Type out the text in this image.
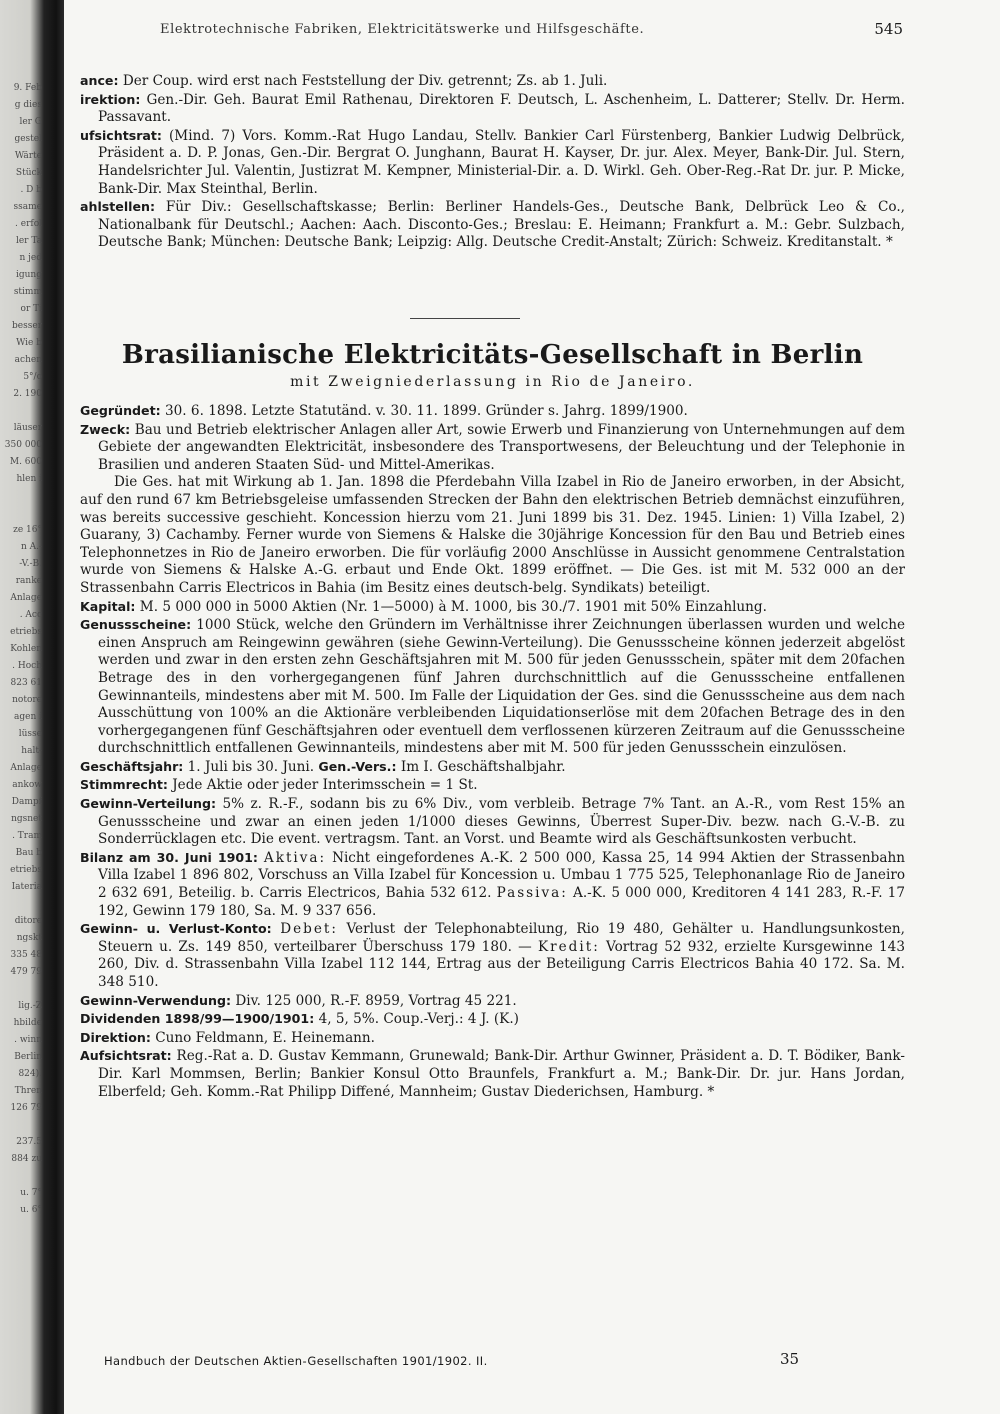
9. Feb
g dies
ler G
gestel
Wärte
Stück
. D b
ssame
. erfol
ler Ta
n jed
igung
stimm
or Ti
besser
Wie b
achen
5°/o
2. 190
läuser
350 000
M. 600
hlen i
ze 16°
n A.-
-V.-B.
ranke
Anlage
. Acc
etriebs
Kohlen
. Hoch
823 61
notore
agen i
lüsse
halt-
Anlage
ankow
Dampf
ngsnet
. Tram
Bau b
etriebs
Iateria
ditore
ngskt
335 48
479 79
lig.-Z
hbilde
. winn
Berlin
824).
Thren
126 79
237.5
884 zu
u. 7°
u. 6°
Elektrotechnische Fabriken, Elektricitätswerke und Hilfsgeschäfte.	545

ance: Der Coup. wird erst nach Feststellung der Div. getrennt; Zs. ab 1. Juli.

irektion: Gen.-Dir. Geh. Baurat Emil Rathenau, Direktoren F. Deutsch, L. Aschenheim, L. Datterer; Stellv. Dr. Herm. Passavant.

ufsichtsrat: (Mind. 7) Vors. Komm.-Rat Hugo Landau, Stellv. Bankier Carl Fürstenberg, Bankier Ludwig Delbrück, Präsident a. D. P. Jonas, Gen.-Dir. Bergrat O. Junghann, Baurat H. Kayser, Dr. jur. Alex. Meyer, Bank-Dir. Jul. Stern, Handelsrichter Jul. Valentin, Justizrat M. Kempner, Ministerial-Dir. a. D. Wirkl. Geh. Ober-Reg.-Rat Dr. jur. P. Micke, Bank-Dir. Max Steinthal, Berlin.

ahlstellen: Für Div.: Gesellschaftskasse; Berlin: Berliner Handels-Ges., Deutsche Bank, Delbrück Leo & Co., Nationalbank für Deutschl.; Aachen: Aach. Disconto-Ges.; Breslau: E. Heimann; Frankfurt a. M.: Gebr. Sulzbach, Deutsche Bank; München: Deutsche Bank; Leipzig: Allg. Deutsche Credit-Anstalt; Zürich: Schweiz. Kreditanstalt. *

Brasilianische Elektricitäts-Gesellschaft in Berlin
mit Zweigniederlassung in Rio de Janeiro.

Gegründet: 30. 6. 1898. Letzte Statutänd. v. 30. 11. 1899. Gründer s. Jahrg. 1899/1900.

Zweck: Bau und Betrieb elektrischer Anlagen aller Art, sowie Erwerb und Finanzierung von Unternehmungen auf dem Gebiete der angewandten Elektricität, insbesondere des Transportwesens, der Beleuchtung und der Telephonie in Brasilien und anderen Staaten Süd- und Mittel-Amerikas.

Die Ges. hat mit Wirkung ab 1. Jan. 1898 die Pferdebahn Villa Izabel in Rio de Janeiro erworben, in der Absicht, auf den rund 67 km Betriebsgeleise umfassenden Strecken der Bahn den elektrischen Betrieb demnächst einzuführen, was bereits successive geschieht. Koncession hierzu vom 21. Juni 1899 bis 31. Dez. 1945. Linien: 1) Villa Izabel, 2) Guarany, 3) Cachamby. Ferner wurde von Siemens & Halske die 30jährige Koncession für den Bau und Betrieb eines Telephonnetzes in Rio de Janeiro erworben. Die für vorläufig 2000 Anschlüsse in Aussicht genommene Centralstation wurde von Siemens & Halske A.-G. erbaut und Ende Okt. 1899 eröffnet. — Die Ges. ist mit M. 532 000 an der Strassenbahn Carris Electricos in Bahia (im Besitz eines deutsch-belg. Syndikats) beteiligt.

Kapital: M. 5 000 000 in 5000 Aktien (Nr. 1—5000) à M. 1000, bis 30./7. 1901 mit 50% Einzahlung.

Genussscheine: 1000 Stück, welche den Gründern im Verhältnisse ihrer Zeichnungen überlassen wurden und welche einen Anspruch am Reingewinn gewähren (siehe Gewinn-Verteilung). Die Genussscheine können jederzeit abgelöst werden und zwar in den ersten zehn Geschäftsjahren mit M. 500 für jeden Genussschein, später mit dem 20fachen Betrage des in den vorhergegangenen fünf Jahren durchschnittlich auf die Genussscheine entfallenen Gewinnanteils, mindestens aber mit M. 500. Im Falle der Liquidation der Ges. sind die Genussscheine aus dem nach Ausschüttung von 100% an die Aktionäre verbleibenden Liquidationserlöse mit dem 20fachen Betrage des in den vorhergegangenen fünf Geschäftsjahren oder eventuell dem verflossenen kürzeren Zeitraum auf die Genussscheine durchschnittlich entfallenen Gewinnanteils, mindestens aber mit M. 500 für jeden Genussschein einzulösen.

Geschäftsjahr: 1. Juli bis 30. Juni. Gen.-Vers.: Im I. Geschäftshalbjahr.

Stimmrecht: Jede Aktie oder jeder Interimsschein = 1 St.

Gewinn-Verteilung: 5% z. R.-F., sodann bis zu 6% Div., vom verbleib. Betrage 7% Tant. an A.-R., vom Rest 15% an Genussscheine und zwar an einen jeden 1/1000 dieses Gewinns, Überrest Super-Div. bezw. nach G.-V.-B. zu Sonderrücklagen etc. Die event. vertragsm. Tant. an Vorst. und Beamte wird als Geschäftsunkosten verbucht.

Bilanz am 30. Juni 1901: Aktiva: Nicht eingefordenes A.-K. 2 500 000, Kassa 25, 14 994 Aktien der Strassenbahn Villa Izabel 1 896 802, Vorschuss an Villa Izabel für Koncession u. Umbau 1 775 525, Telephonanlage Rio de Janeiro 2 632 691, Beteilig. b. Carris Electricos, Bahia 532 612. Passiva: A.-K. 5 000 000, Kreditoren 4 141 283, R.-F. 17 192, Gewinn 179 180, Sa. M. 9 337 656.

Gewinn- u. Verlust-Konto: Debet: Verlust der Telephonabteilung, Rio 19 480, Gehälter u. Handlungsunkosten, Steuern u. Zs. 149 850, verteilbarer Überschuss 179 180. — Kredit: Vortrag 52 932, erzielte Kursgewinne 143 260, Div. d. Strassenbahn Villa Izabel 112 144, Ertrag aus der Beteiligung Carris Electricos Bahia 40 172. Sa. M. 348 510.

Gewinn-Verwendung: Div. 125 000, R.-F. 8959, Vortrag 45 221.

Dividenden 1898/99—1900/1901: 4, 5, 5%. Coup.-Verj.: 4 J. (K.)

Direktion: Cuno Feldmann, E. Heinemann.

Aufsichtsrat: Reg.-Rat a. D. Gustav Kemmann, Grunewald; Bank-Dir. Arthur Gwinner, Präsident a. D. T. Bödiker, Bank-Dir. Karl Mommsen, Berlin; Bankier Konsul Otto Braunfels, Frankfurt a. M.; Bank-Dir. Dr. jur. Hans Jordan, Elberfeld; Geh. Komm.-Rat Philipp Diffené, Mannheim; Gustav Diederichsen, Hamburg. *

Handbuch der Deutschen Aktien-Gesellschaften 1901/1902. II.	35
